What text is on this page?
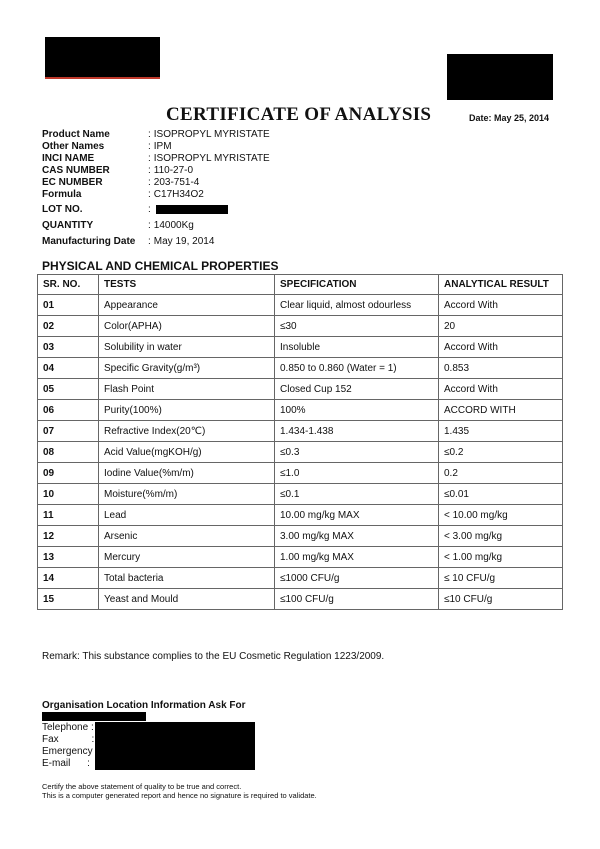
CERTIFICATE OF ANALYSIS	Date: May 25, 2014
Product Name	: ISOPROPYL MYRISTATE
Other Names	: IPM
INCI NAME	: ISOPROPYL MYRISTATE
CAS NUMBER	: 110-27-0
EC NUMBER	: 203-751-4
Formula	: C17H34O2
LOT NO.	:
QUANTITY	: 14000Kg
Manufacturing Date	: May 19, 2014
PHYSICAL AND CHEMICAL PROPERTIES
SR. NO.	TESTS	SPECIFICATION	ANALYTICAL RESULT
01	Appearance	Clear liquid, almost odourless	Accord With
02	Color(APHA)	≤30	20
03	Solubility in water	Insoluble	Accord With
04	Specific Gravity(g/m³)	0.850 to 0.860 (Water = 1)	0.853
05	Flash Point	Closed Cup 152	Accord With
06	Purity(100%)	100%	ACCORD WITH
07	Refractive Index(20℃)	1.434-1.438	1.435
08	Acid Value(mgKOH/g)	≤0.3	≤0.2
09	Iodine Value(%m/m)	≤1.0	0.2
10	Moisture(%m/m)	≤0.1	≤0.01
11	Lead	10.00 mg/kg MAX	< 10.00 mg/kg
12	Arsenic	3.00 mg/kg MAX	< 3.00 mg/kg
13	Mercury	1.00 mg/kg MAX	< 1.00 mg/kg
14	Total bacteria	≤1000 CFU/g	≤ 10 CFU/g
15	Yeast and Mould	≤100 CFU/g	≤10 CFU/g
Remark: This substance complies to the EU Cosmetic Regulation 1223/2009.
Organisation Location Information Ask For
Telephone :
Fax	:
Emergency
E-mail :
Certify the above statement of quality to be true and correct.
This is a computer generated report and hence no signature is required to validate.
